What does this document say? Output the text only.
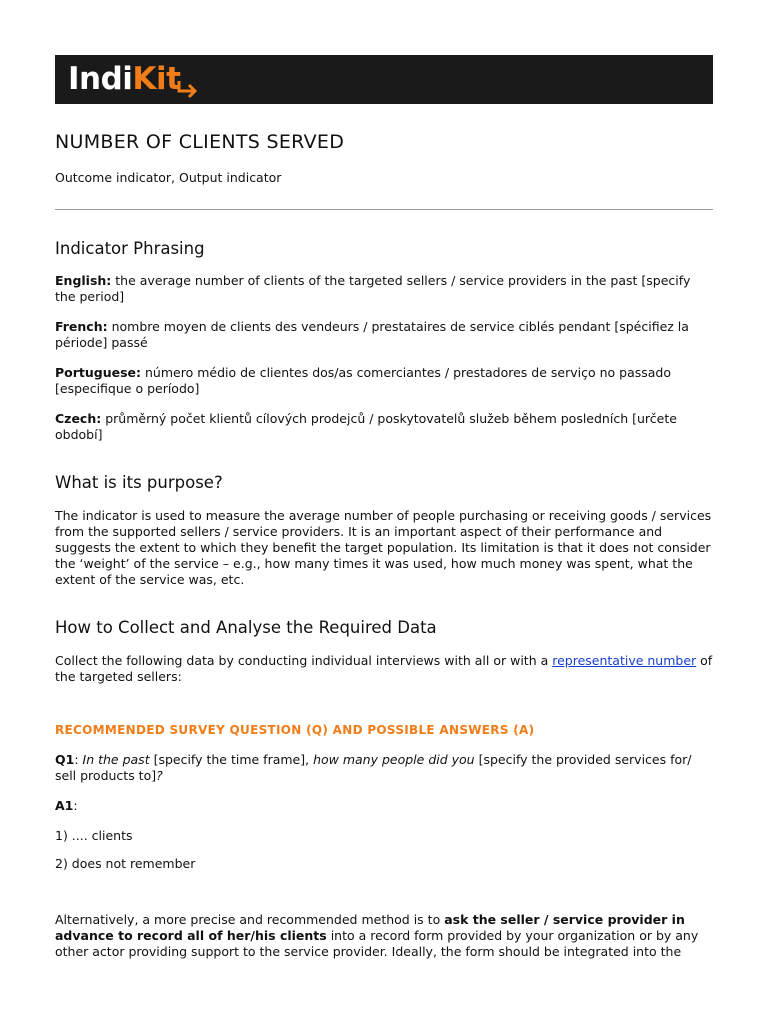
IndiKit
NUMBER OF CLIENTS SERVED
Outcome indicator, Output indicator
Indicator Phrasing

English: the average number of clients of the targeted sellers / service providers in the past [specify the period]

French: nombre moyen de clients des vendeurs / prestataires de service ciblés pendant [spécifiez la période] passé

Portuguese: número médio de clientes dos/as comerciantes / prestadores de serviço no passado [especifique o período]

Czech: průměrný počet klientů cílových prodejců / poskytovatelů služeb během posledních [určete období]

What is its purpose?

The indicator is used to measure the average number of people purchasing or receiving goods / services from the supported sellers / service providers. It is an important aspect of their performance and suggests the extent to which they benefit the target population. Its limitation is that it does not consider the ‘weight’ of the service – e.g., how many times it was used, how much money was spent, what the extent of the service was, etc.

How to Collect and Analyse the Required Data

Collect the following data by conducting individual interviews with all or with a representative number of the targeted sellers:

RECOMMENDED SURVEY QUESTION (Q) AND POSSIBLE ANSWERS (A)

Q1: In the past [specify the time frame], how many people did you [specify the provided services for/ sell products to]?

A1:

1) .... clients

2) does not remember

Alternatively, a more precise and recommended method is to ask the seller / service provider in advance to record all of her/his clients into a record form provided by your organization or by any other actor providing support to the service provider. Ideally, the form should be integrated into the
